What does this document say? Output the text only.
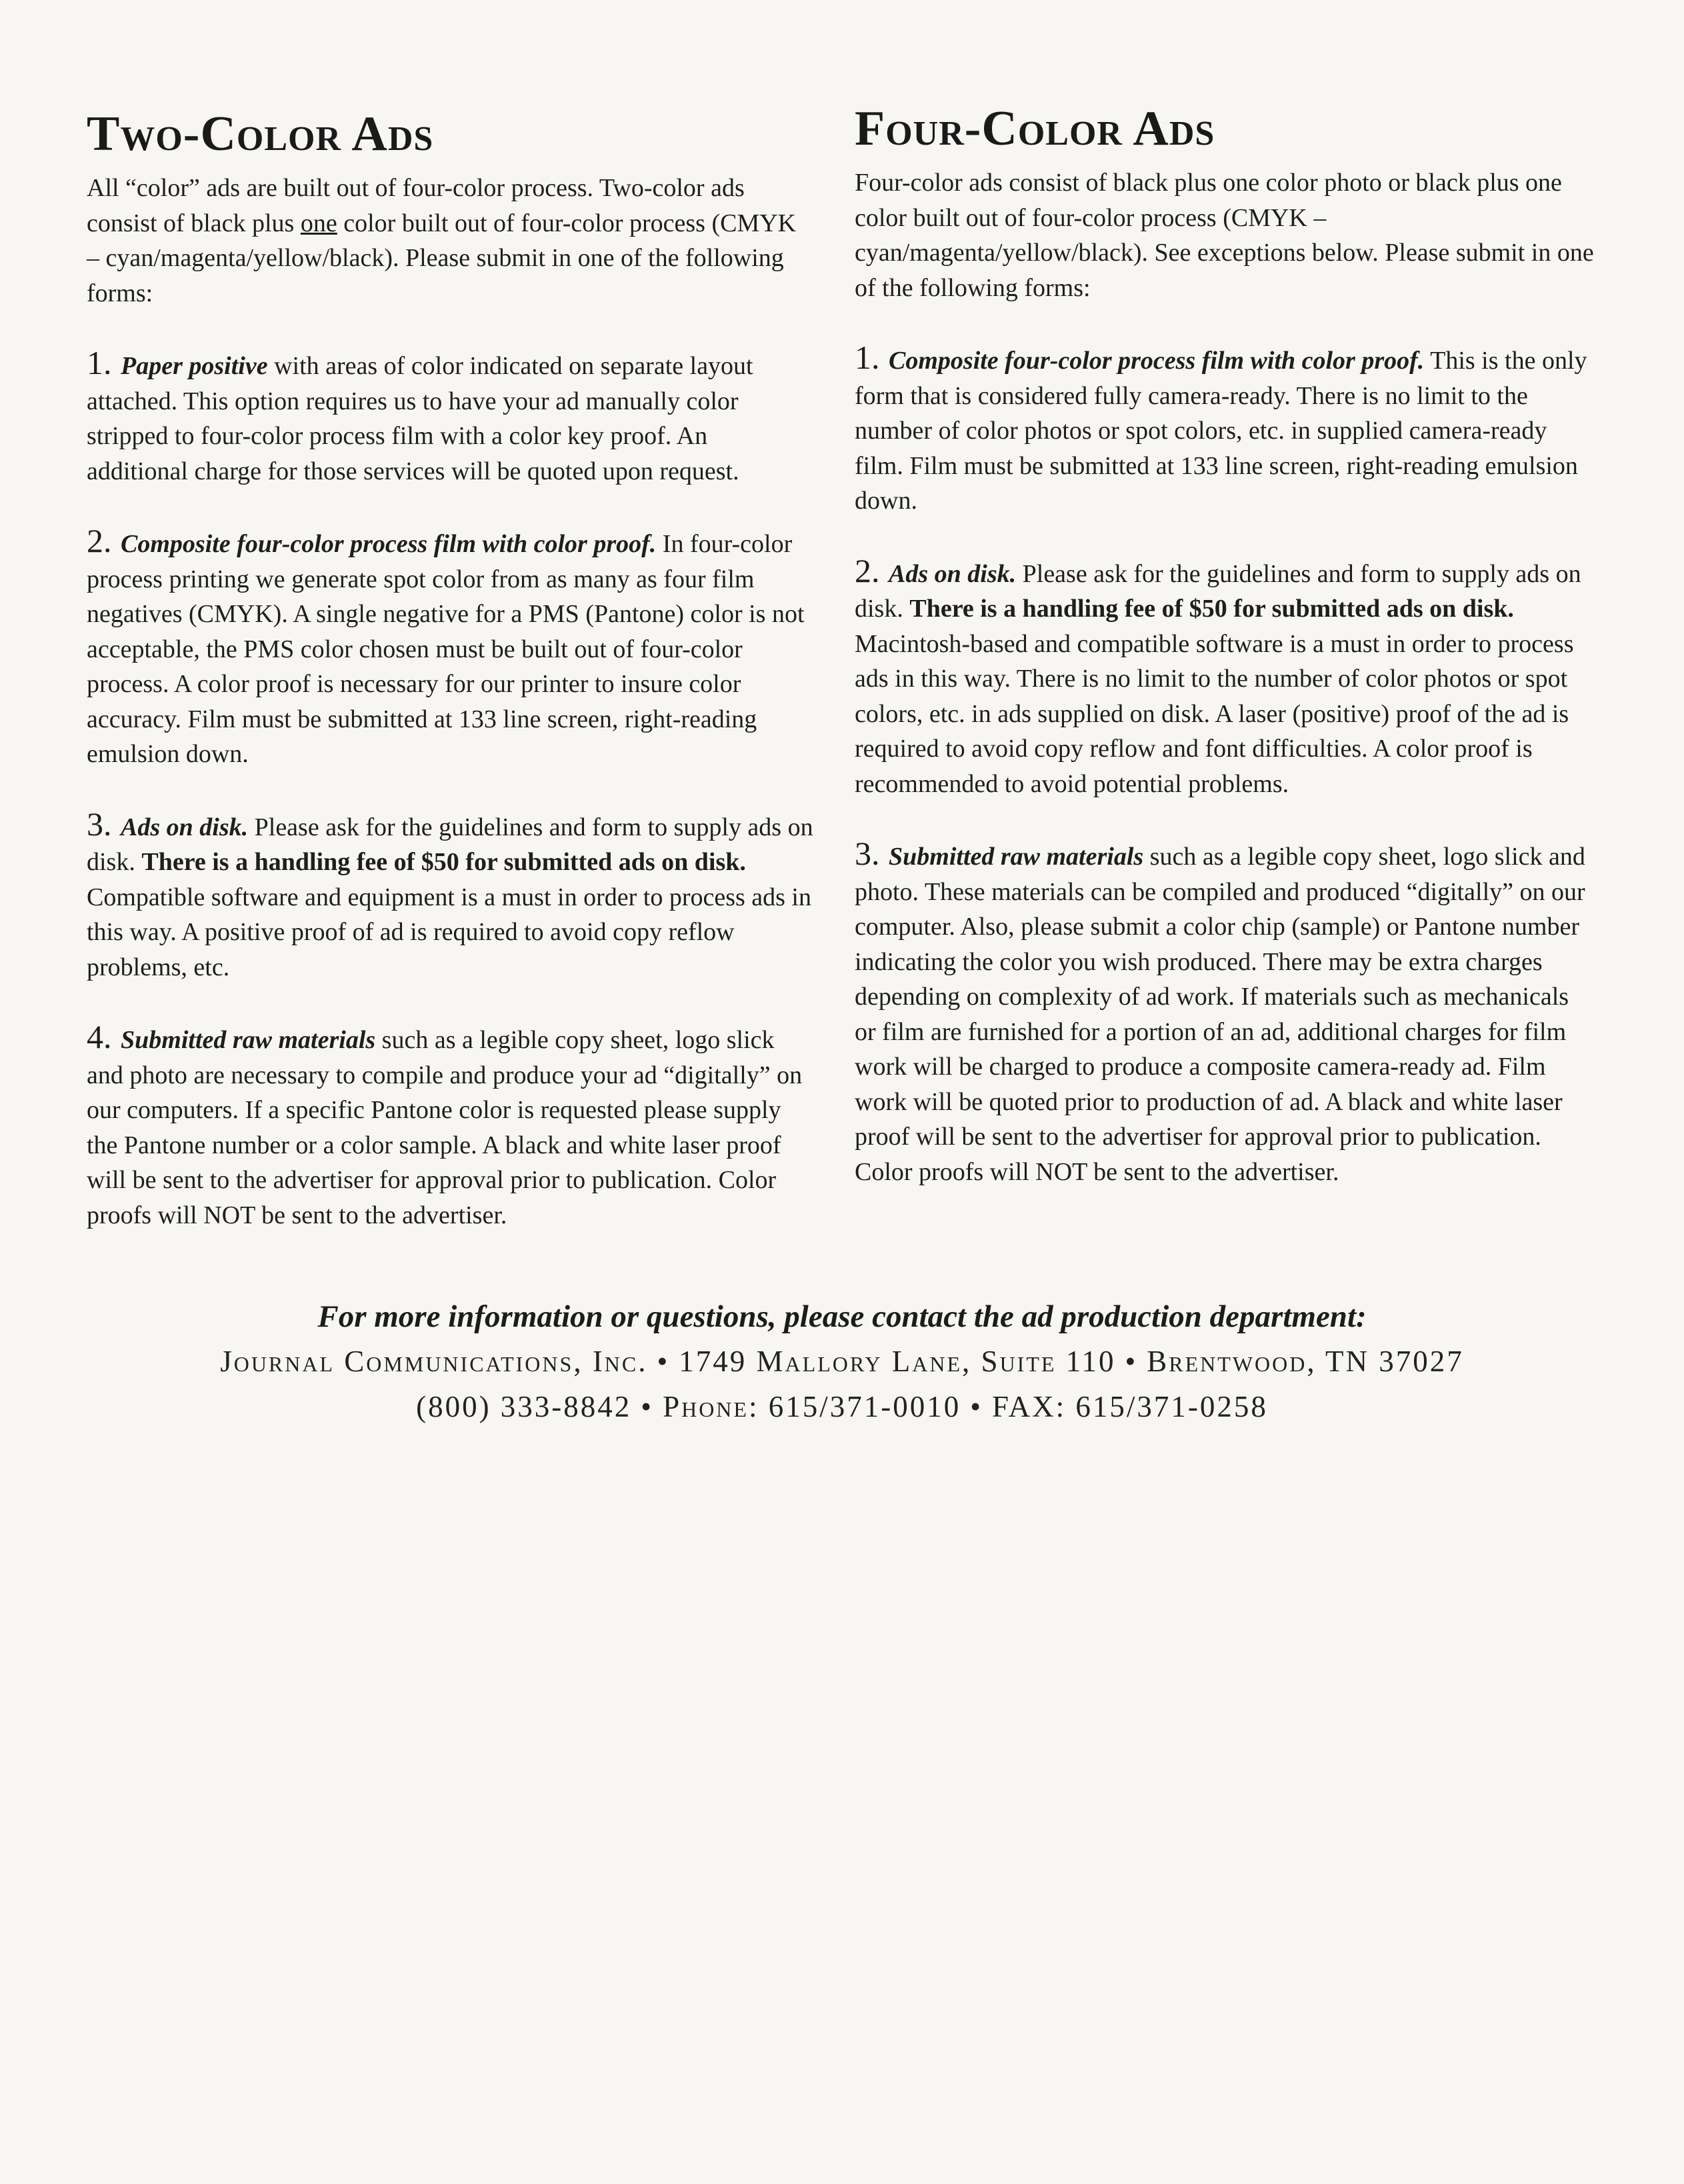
Two-Color Ads

All “color” ads are built out of four-color process. Two-color ads consist of black plus one color built out of four-color process (CMYK – cyan/magenta/yellow/black). Please submit in one of the following forms:

1. Paper positive with areas of color indicated on separate layout attached. This option requires us to have your ad manually color stripped to four-color process film with a color key proof. An additional charge for those services will be quoted upon request.

2. Composite four-color process film with color proof. In four-color process printing we generate spot color from as many as four film negatives (CMYK). A single negative for a PMS (Pantone) color is not acceptable, the PMS color chosen must be built out of four-color process. A color proof is necessary for our printer to insure color accuracy. Film must be submitted at 133 line screen, right-reading emulsion down.

3. Ads on disk. Please ask for the guidelines and form to supply ads on disk. There is a handling fee of $50 for submitted ads on disk. Compatible software and equipment is a must in order to process ads in this way. A positive proof of ad is required to avoid copy reflow problems, etc.

4. Submitted raw materials such as a legible copy sheet, logo slick and photo are necessary to compile and produce your ad “digitally” on our computers. If a specific Pantone color is requested please supply the Pantone number or a color sample. A black and white laser proof will be sent to the advertiser for approval prior to publication. Color proofs will NOT be sent to the advertiser.

Four-Color Ads

Four-color ads consist of black plus one color photo or black plus one color built out of four-color process (CMYK – cyan/magenta/yellow/black). See exceptions below. Please submit in one of the following forms:

1. Composite four-color process film with color proof. This is the only form that is considered fully camera-ready. There is no limit to the number of color photos or spot colors, etc. in supplied camera-ready film. Film must be submitted at 133 line screen, right-reading emulsion down.

2. Ads on disk. Please ask for the guidelines and form to supply ads on disk. There is a handling fee of $50 for submitted ads on disk. Macintosh-based and compatible software is a must in order to process ads in this way. There is no limit to the number of color photos or spot colors, etc. in ads supplied on disk. A laser (positive) proof of the ad is required to avoid copy reflow and font difficulties. A color proof is recommended to avoid potential problems.

3. Submitted raw materials such as a legible copy sheet, logo slick and photo. These materials can be compiled and produced “digitally” on our computer. Also, please submit a color chip (sample) or Pantone number indicating the color you wish produced. There may be extra charges depending on complexity of ad work. If materials such as mechanicals or film are furnished for a portion of an ad, additional charges for film work will be charged to produce a composite camera-ready ad. Film work will be quoted prior to production of ad. A black and white laser proof will be sent to the advertiser for approval prior to publication. Color proofs will NOT be sent to the advertiser.

For more information or questions, please contact the ad production department:

Journal Communications, Inc. • 1749 Mallory Lane, Suite 110 • Brentwood, TN 37027

(800) 333-8842 • Phone: 615/371-0010 • FAX: 615/371-0258
